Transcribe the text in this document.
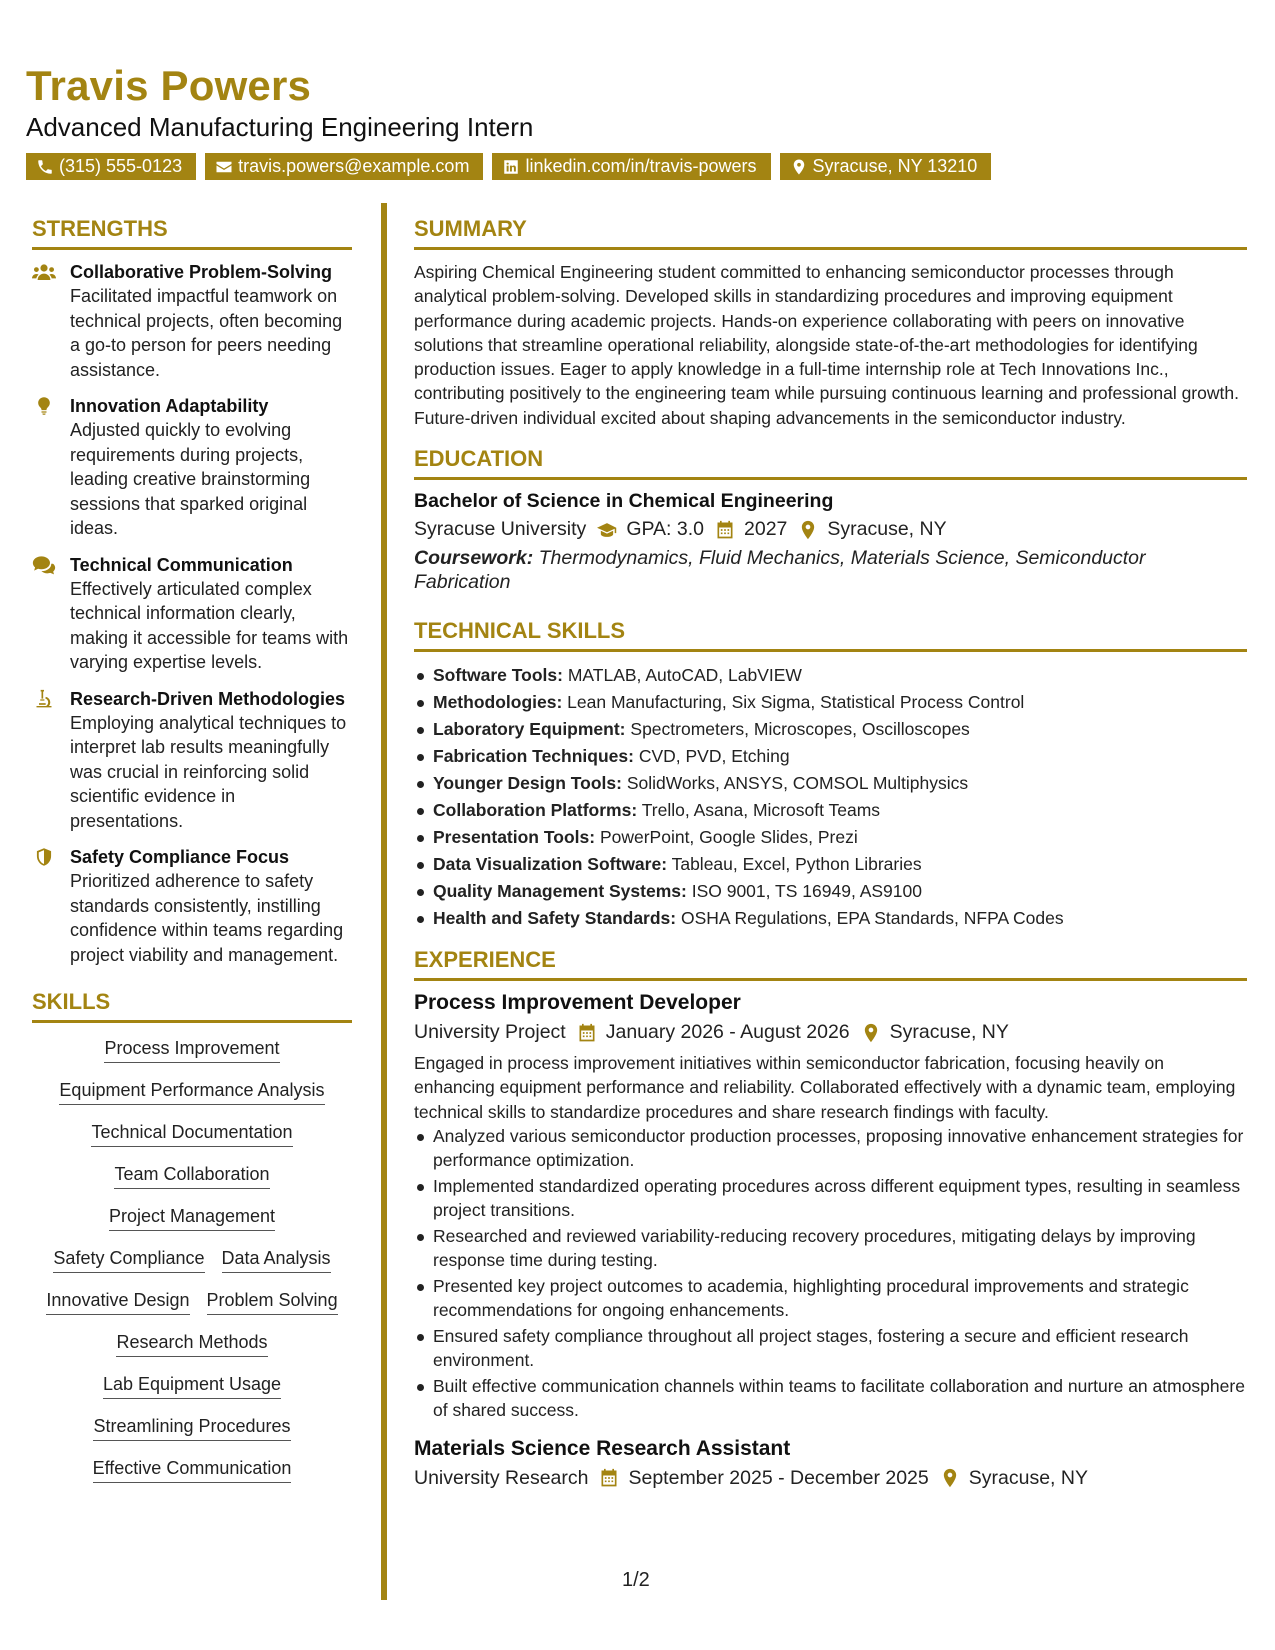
Travis Powers
Advanced Manufacturing Engineering Intern
(315) 555-0123	travis.powers@example.com	linkedin.com/in/travis-powers	Syracuse, NY 13210
STRENGTHS
Collaborative Problem-Solving
Facilitated impactful teamwork on technical projects, often becoming a go-to person for peers needing assistance.
Innovation Adaptability
Adjusted quickly to evolving requirements during projects, leading creative brainstorming sessions that sparked original ideas.
Technical Communication
Effectively articulated complex technical information clearly, making it accessible for teams with varying expertise levels.
Research-Driven Methodologies
Employing analytical techniques to interpret lab results meaningfully was crucial in reinforcing solid scientific evidence in presentations.
Safety Compliance Focus
Prioritized adherence to safety standards consistently, instilling confidence within teams regarding project viability and management.
SKILLS
Process Improvement
Equipment Performance Analysis
Technical Documentation
Team Collaboration
Project Management
Safety Compliance Data Analysis
Innovative Design Problem Solving
Research Methods
Lab Equipment Usage
Streamlining Procedures
Effective Communication
SUMMARY
Aspiring Chemical Engineering student committed to enhancing semiconductor processes through analytical problem-solving. Developed skills in standardizing procedures and improving equipment performance during academic projects. Hands-on experience collaborating with peers on innovative solutions that streamline operational reliability, alongside state-of-the-art methodologies for identifying production issues. Eager to apply knowledge in a full-time internship role at Tech Innovations Inc., contributing positively to the engineering team while pursuing continuous learning and professional growth. Future-driven individual excited about shaping advancements in the semiconductor industry.
EDUCATION
Bachelor of Science in Chemical Engineering
Syracuse University GPA: 3.0 2027 Syracuse, NY
Coursework: Thermodynamics, Fluid Mechanics, Materials Science, Semiconductor Fabrication
TECHNICAL SKILLS
Software Tools: MATLAB, AutoCAD, LabVIEW
Methodologies: Lean Manufacturing, Six Sigma, Statistical Process Control
Laboratory Equipment: Spectrometers, Microscopes, Oscilloscopes
Fabrication Techniques: CVD, PVD, Etching
Younger Design Tools: SolidWorks, ANSYS, COMSOL Multiphysics
Collaboration Platforms: Trello, Asana, Microsoft Teams
Presentation Tools: PowerPoint, Google Slides, Prezi
Data Visualization Software: Tableau, Excel, Python Libraries
Quality Management Systems: ISO 9001, TS 16949, AS9100
Health and Safety Standards: OSHA Regulations, EPA Standards, NFPA Codes
EXPERIENCE
Process Improvement Developer
University Project January 2026 - August 2026 Syracuse, NY
Engaged in process improvement initiatives within semiconductor fabrication, focusing heavily on enhancing equipment performance and reliability. Collaborated effectively with a dynamic team, employing technical skills to standardize procedures and share research findings with faculty.
Analyzed various semiconductor production processes, proposing innovative enhancement strategies for performance optimization.
Implemented standardized operating procedures across different equipment types, resulting in seamless project transitions.
Researched and reviewed variability-reducing recovery procedures, mitigating delays by improving response time during testing.
Presented key project outcomes to academia, highlighting procedural improvements and strategic recommendations for ongoing enhancements.
Ensured safety compliance throughout all project stages, fostering a secure and efficient research environment.
Built effective communication channels within teams to facilitate collaboration and nurture an atmosphere of shared success.
Materials Science Research Assistant
University Research September 2025 - December 2025 Syracuse, NY
1/2
